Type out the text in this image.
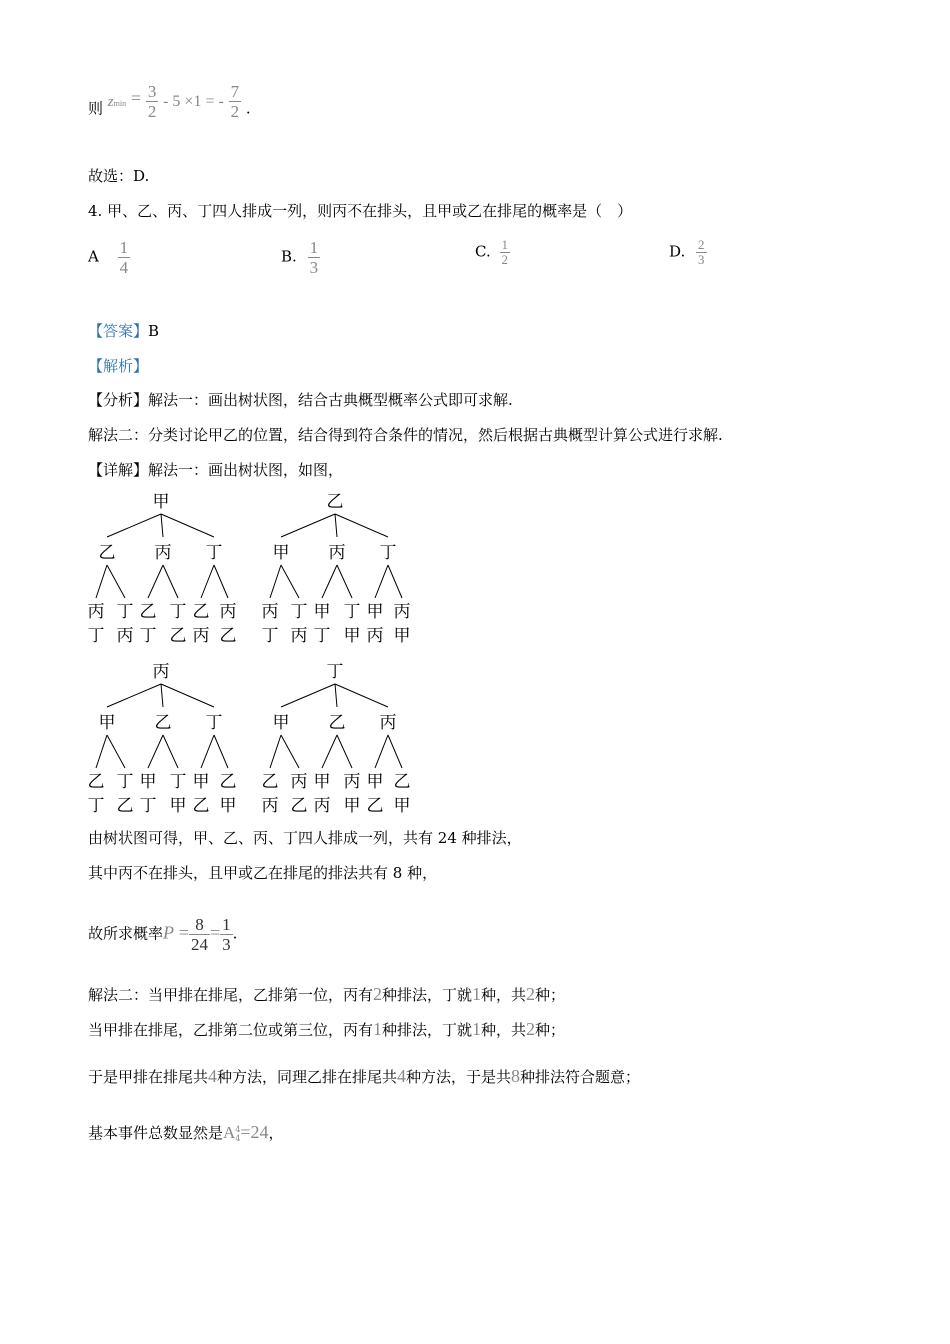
则 $zmin = \frac{3}{2} - 5 \times 1$ = - $\frac{7}{2}$ .
故选：D.
4. 甲、乙、丙、丁四人排成一列，则丙不在排头，且甲或乙在排尾的概率是（　）
A $\frac{1}{4}$	B. $\frac{1}{3}$	C. $\frac{1}{2}$	D. $\frac{2}{3}$
【答案】B
【解析】
【分析】解法一：画出树状图，结合古典概型概率公式即可求解.
解法二：分类讨论甲乙的位置，结合得到符合条件的情况，然后根据古典概型计算公式进行求解.
【详解】解法一：画出树状图，如图，
甲
乙
丙
丁
丁
丙
丙
乙
丁
丁
乙
丁
乙
丙
丙
乙
乙
甲
丙
丁
丁
丙
丙
甲
丁
丁
甲
丁
甲
丙
丙
甲
丙
甲
乙
丁
丁
乙
乙
甲
丁
丁
甲
丁
甲
乙
乙
甲
丁
甲
乙
丙
丙
乙
乙
甲
丙
丙
甲
丙
甲
乙
乙
甲
由树状图可得，甲、乙、丙、丁四人排成一列，共有 24 种排法，
其中丙不在排头，且甲或乙在排尾的排法共有 8 种，
故所求概率$P = \frac{8}{24} = \frac{1}{3}$ .
解法二：当甲排在排尾，乙排第一位，丙有2种排法，丁就1种，共2种；
当甲排在排尾，乙排第二位或第三位，丙有1种排法，丁就1种，共2种；
于是甲排在排尾共4种方法，同理乙排在排尾共4种方法，于是共8种排法符合题意；
基本事件总数显然是A 4
4 =24，
